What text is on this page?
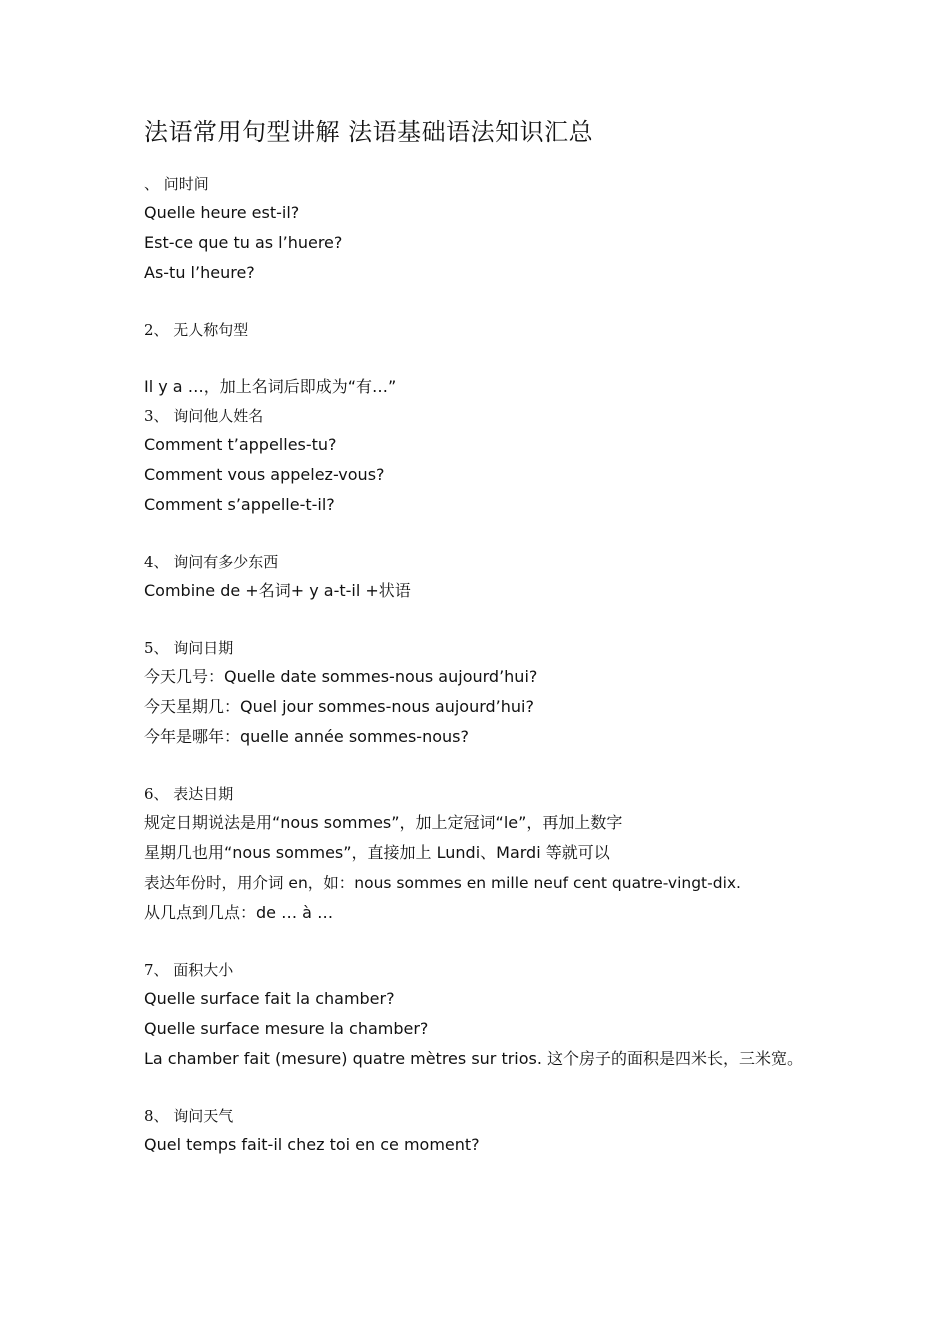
法语常用句型讲解 法语基础语法知识汇总
、 问时间
Quelle heure est-il?
Est-ce que tu as l’huere?
As-tu l’heure?
2、 无人称句型
Il y a …，加上名词后即成为“有…”
3、 询问他人姓名
Comment t’appelles-tu?
Comment vous appelez-vous?
Comment s’appelle-t-il?
4、 询问有多少东西
Combine de +名词+ y a-t-il +状语
5、 询问日期
今天几号：Quelle date sommes-nous aujourd’hui?
今天星期几：Quel jour sommes-nous aujourd’hui?
今年是哪年：quelle année sommes-nous?
6、 表达日期
规定日期说法是用“nous sommes”，加上定冠词“le”，再加上数字
星期几也用“nous sommes”，直接加上 Lundi、Mardi 等就可以
表达年份时，用介词 en，如：nous sommes en mille neuf cent quatre-vingt-dix.
从几点到几点：de … à …
7、 面积大小
Quelle surface fait la chamber?
Quelle surface mesure la chamber?
La chamber fait (mesure) quatre mètres sur trios. 这个房子的面积是四米长，三米宽。
8、 询问天气
Quel temps fait-il chez toi en ce moment?
